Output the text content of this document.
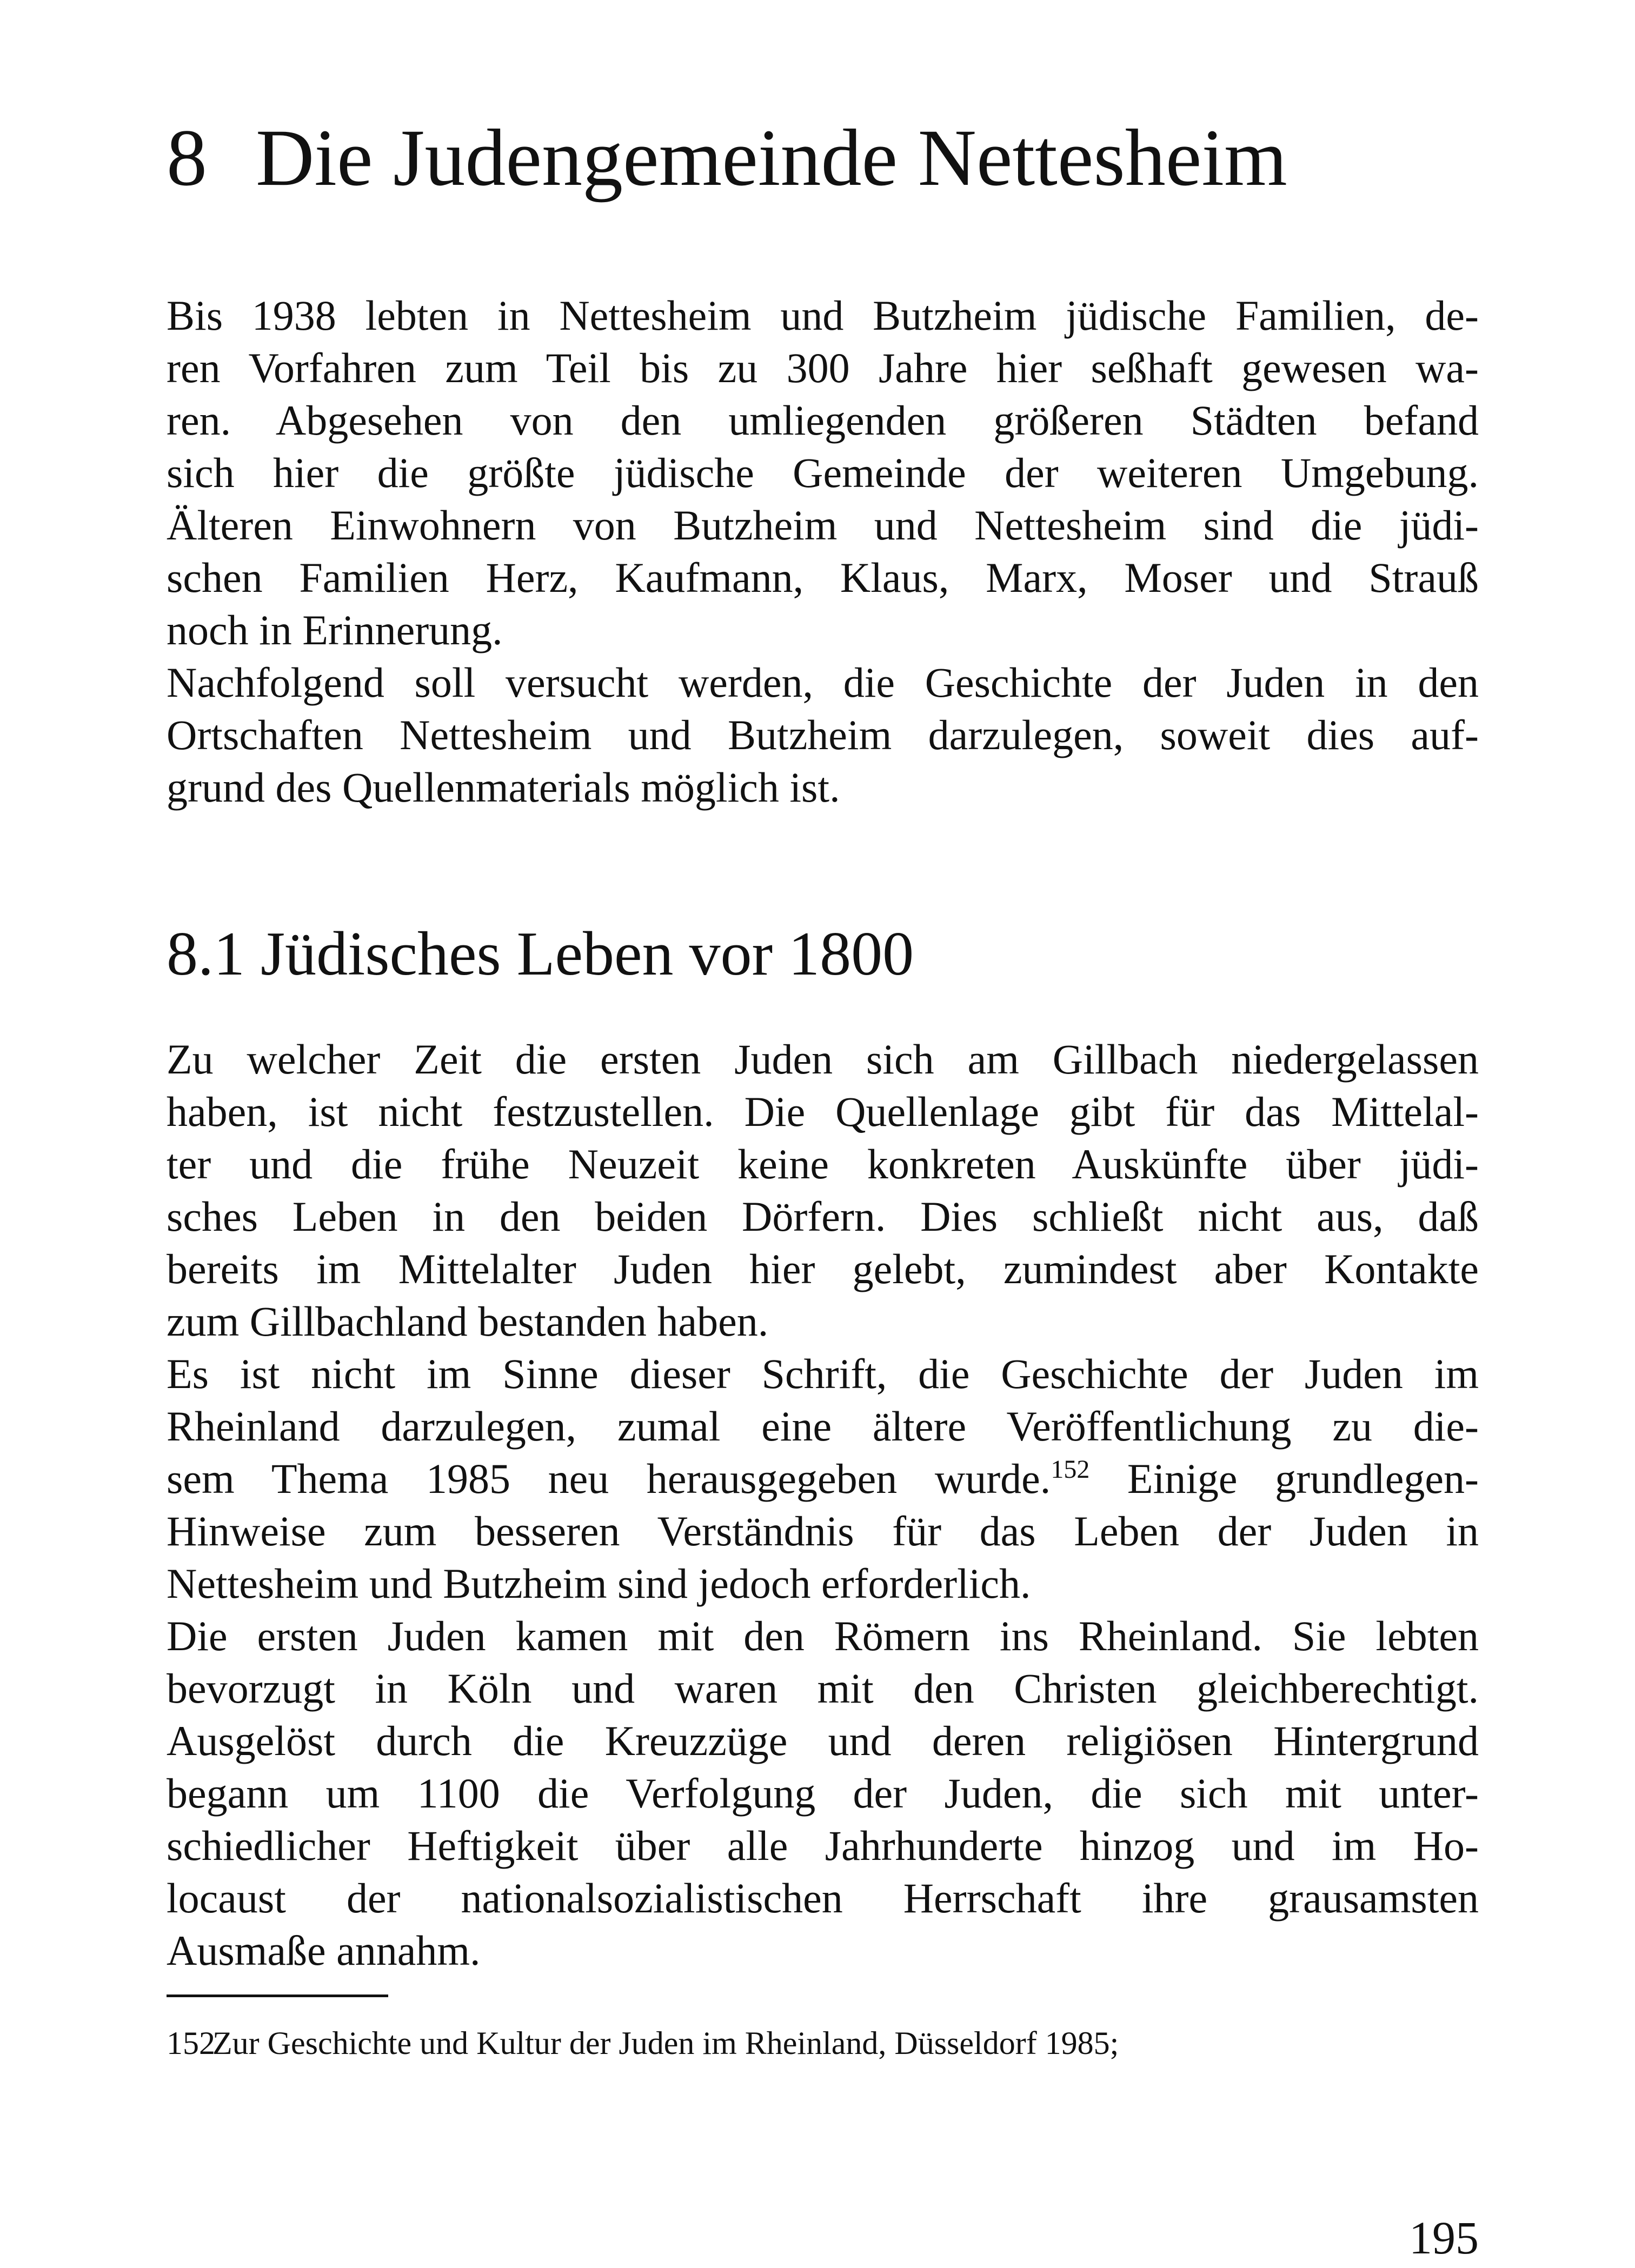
8 Die Judengemeinde Nettesheim
Bis 1938 lebten in Nettesheim und Butzheim jüdische Familien, de-
ren Vorfahren zum Teil bis zu 300 Jahre hier seßhaft gewesen wa-
ren. Abgesehen von den umliegenden größeren Städten befand
sich hier die größte jüdische Gemeinde der weiteren Umgebung.
Älteren Einwohnern von Butzheim und Nettesheim sind die jüdi-
schen Familien Herz, Kaufmann, Klaus, Marx, Moser und Strauß
noch in Erinnerung.
Nachfolgend soll versucht werden, die Geschichte der Juden in den
Ortschaften Nettesheim und Butzheim darzulegen, soweit dies auf-
grund des Quellenmaterials möglich ist.
8.1 Jüdisches Leben vor 1800
Zu welcher Zeit die ersten Juden sich am Gillbach niedergelassen
haben, ist nicht festzustellen. Die Quellenlage gibt für das Mittelal-
ter und die frühe Neuzeit keine konkreten Auskünfte über jüdi-
sches Leben in den beiden Dörfern. Dies schließt nicht aus, daß
bereits im Mittelalter Juden hier gelebt, zumindest aber Kontakte
zum Gillbachland bestanden haben.
Es ist nicht im Sinne dieser Schrift, die Geschichte der Juden im
Rheinland darzulegen, zumal eine ältere Veröffentlichung zu die-
sem Thema 1985 neu herausgegeben wurde.$^{152}$ Einige grundlegen-
Hinweise zum besseren Verständnis für das Leben der Juden in
Nettesheim und Butzheim sind jedoch erforderlich.
Die ersten Juden kamen mit den Römern ins Rheinland. Sie lebten
bevorzugt in Köln und waren mit den Christen gleichberechtigt.
Ausgelöst durch die Kreuzzüge und deren religiösen Hintergrund
begann um 1100 die Verfolgung der Juden, die sich mit unter-
schiedlicher Heftigkeit über alle Jahrhunderte hinzog und im Ho-
locaust der nationalsozialistischen Herrschaft ihre grausamsten
Ausmaße annahm.
152Zur Geschichte und Kultur der Juden im Rheinland, Düsseldorf 1985;
195
